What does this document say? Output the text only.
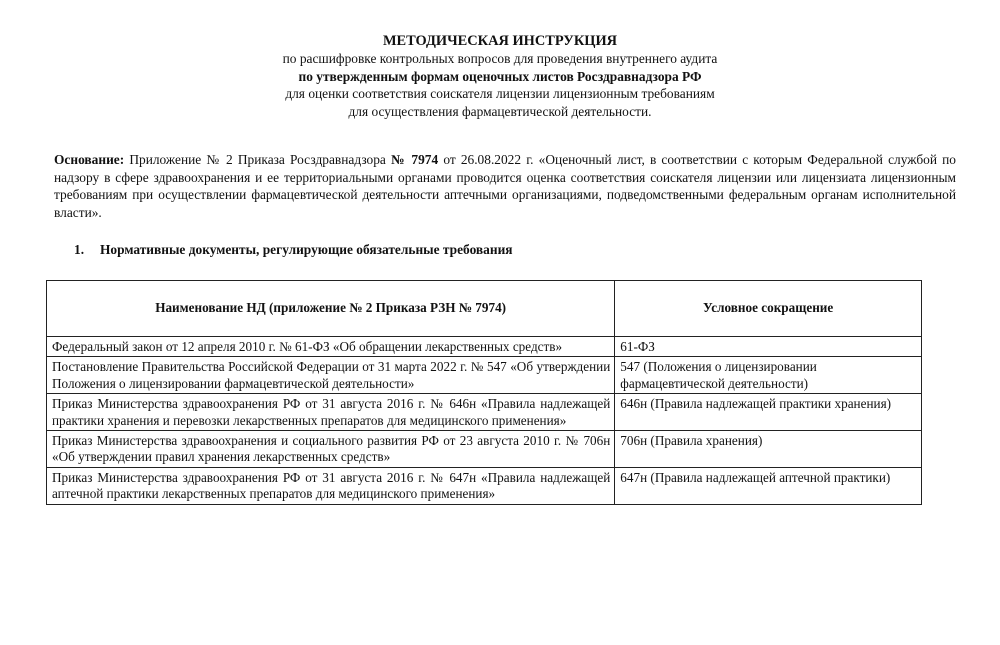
МЕТОДИЧЕСКАЯ ИНСТРУКЦИЯ
по расшифровке контрольных вопросов для проведения внутреннего аудита
по утвержденным формам оценочных листов Росздравнадзора РФ
для оценки соответствия соискателя лицензии лицензионным требованиям
для осуществления фармацевтической деятельности.
Основание: Приложение № 2 Приказа Росздравнадзора № 7974 от 26.08.2022 г. «Оценочный лист, в соответствии с которым Федеральной службой по надзору в сфере здравоохранения и ее территориальными органами проводится оценка соответствия соискателя лицензии или лицензиата лицензионным требованиям при осуществлении фармацевтической деятельности аптечными организациями, подведомственными федеральным органам исполнительной власти».
1. Нормативные документы, регулирующие обязательные требования
Наименование НД (приложение № 2 Приказа РЗН № 7974)	Условное сокращение
Федеральный закон от 12 апреля 2010 г. № 61-ФЗ «Об обращении лекарственных средств»	61-ФЗ
Постановление Правительства Российской Федерации от 31 марта 2022 г. № 547 «Об утверждении Положения о лицензировании фармацевтической деятельности»	547 (Положения о лицензировании фармацевтической деятельности)
Приказ Министерства здравоохранения РФ от 31 августа 2016 г. № 646н «Правила надлежащей практики хранения и перевозки лекарственных препаратов для медицинского применения»	646н (Правила надлежащей практики хранения)
Приказ Министерства здравоохранения и социального развития РФ от 23 августа 2010 г. № 706н «Об утверждении правил хранения лекарственных средств»	706н (Правила хранения)
Приказ Министерства здравоохранения РФ от 31 августа 2016 г. № 647н «Правила надлежащей аптечной практики лекарственных препаратов для медицинского применения»	647н (Правила надлежащей аптечной практики)
